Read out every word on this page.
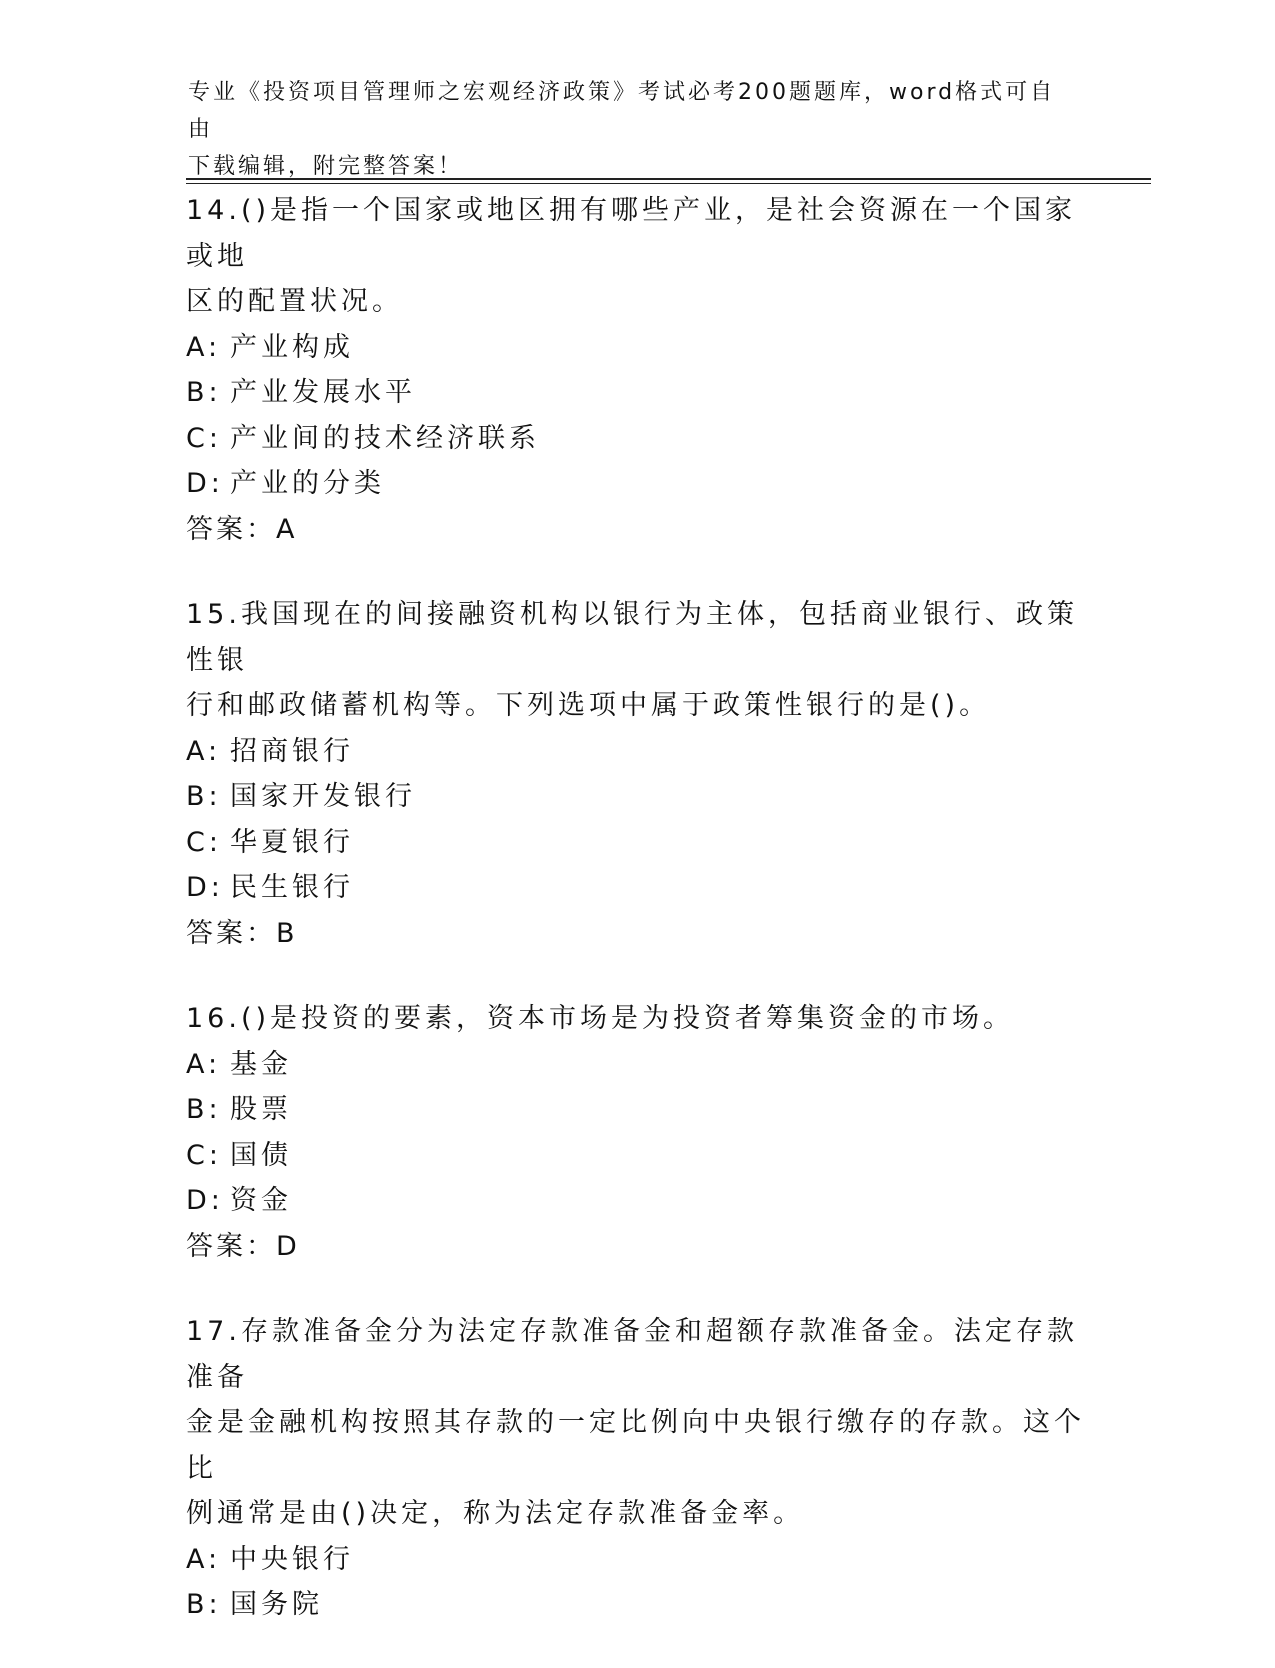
专业《投资项目管理师之宏观经济政策》考试必考200题题库，word格式可自由
下载编辑，附完整答案！
14.()是指一个国家或地区拥有哪些产业，是社会资源在一个国家或地
区的配置状况。
A: 产业构成
B: 产业发展水平
C: 产业间的技术经济联系
D: 产业的分类
答案：A
15.我国现在的间接融资机构以银行为主体，包括商业银行、政策性银
行和邮政储蓄机构等。下列选项中属于政策性银行的是()。
A: 招商银行
B: 国家开发银行
C: 华夏银行
D: 民生银行
答案：B
16.()是投资的要素，资本市场是为投资者筹集资金的市场。
A: 基金
B: 股票
C: 国债
D: 资金
答案：D
17.存款准备金分为法定存款准备金和超额存款准备金。法定存款准备
金是金融机构按照其存款的一定比例向中央银行缴存的存款。这个比
例通常是由()决定，称为法定存款准备金率。
A: 中央银行
B: 国务院
